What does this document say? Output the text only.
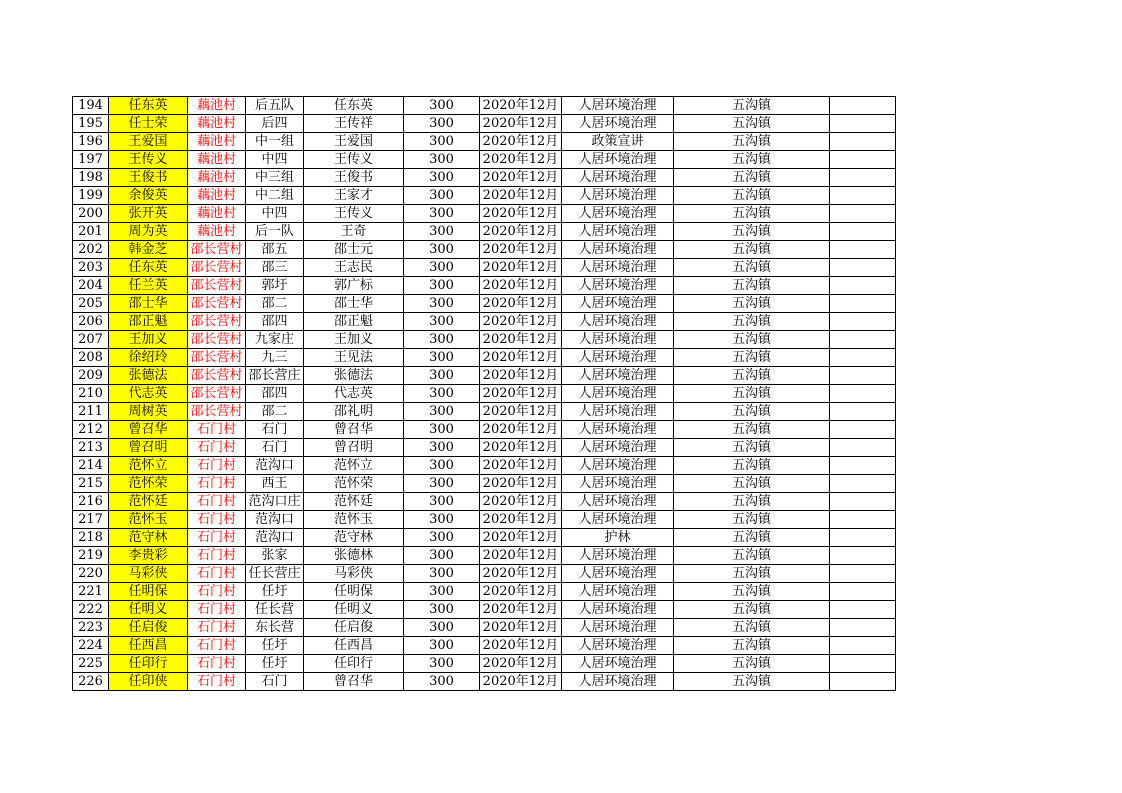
194	任东英	藕池村	后五队	任东英	300	2020年12月	人居环境治理	五沟镇	
195	任士荣	藕池村	后四	王传祥	300	2020年12月	人居环境治理	五沟镇	
196	王爱国	藕池村	中一组	王爱国	300	2020年12月	政策宣讲	五沟镇	
197	王传义	藕池村	中四	王传义	300	2020年12月	人居环境治理	五沟镇	
198	王俊书	藕池村	中三组	王俊书	300	2020年12月	人居环境治理	五沟镇	
199	余俊英	藕池村	中二组	王家才	300	2020年12月	人居环境治理	五沟镇	
200	张开英	藕池村	中四	王传义	300	2020年12月	人居环境治理	五沟镇	
201	周为英	藕池村	后一队	王奇	300	2020年12月	人居环境治理	五沟镇	
202	韩金芝	邵长营村	邵五	邵士元	300	2020年12月	人居环境治理	五沟镇	
203	任东英	邵长营村	邵三	王志民	300	2020年12月	人居环境治理	五沟镇	
204	任兰英	邵长营村	郭圩	郭广标	300	2020年12月	人居环境治理	五沟镇	
205	邵士华	邵长营村	邵二	邵士华	300	2020年12月	人居环境治理	五沟镇	
206	邵正魁	邵长营村	邵四	邵正魁	300	2020年12月	人居环境治理	五沟镇	
207	王加义	邵长营村	九家庄	王加义	300	2020年12月	人居环境治理	五沟镇	
208	徐绍玲	邵长营村	九三	王见法	300	2020年12月	人居环境治理	五沟镇	
209	张德法	邵长营村	邵长营庄	张德法	300	2020年12月	人居环境治理	五沟镇	
210	代志英	邵长营村	邵四	代志英	300	2020年12月	人居环境治理	五沟镇	
211	周树英	邵长营村	邵二	邵礼明	300	2020年12月	人居环境治理	五沟镇	
212	曾召华	石门村	石门	曾召华	300	2020年12月	人居环境治理	五沟镇	
213	曾召明	石门村	石门	曾召明	300	2020年12月	人居环境治理	五沟镇	
214	范怀立	石门村	范沟口	范怀立	300	2020年12月	人居环境治理	五沟镇	
215	范怀荣	石门村	西王	范怀荣	300	2020年12月	人居环境治理	五沟镇	
216	范怀廷	石门村	范沟口庄	范怀廷	300	2020年12月	人居环境治理	五沟镇	
217	范怀玉	石门村	范沟口	范怀玉	300	2020年12月	人居环境治理	五沟镇	
218	范守林	石门村	范沟口	范守林	300	2020年12月	护林	五沟镇	
219	李贵彩	石门村	张家	张德林	300	2020年12月	人居环境治理	五沟镇	
220	马彩侠	石门村	任长营庄	马彩侠	300	2020年12月	人居环境治理	五沟镇	
221	任明保	石门村	任圩	任明保	300	2020年12月	人居环境治理	五沟镇	
222	任明义	石门村	任长营	任明义	300	2020年12月	人居环境治理	五沟镇	
223	任启俊	石门村	东长营	任启俊	300	2020年12月	人居环境治理	五沟镇	
224	任西昌	石门村	任圩	任西昌	300	2020年12月	人居环境治理	五沟镇	
225	任印行	石门村	任圩	任印行	300	2020年12月	人居环境治理	五沟镇	
226	任印侠	石门村	石门	曾召华	300	2020年12月	人居环境治理	五沟镇	
